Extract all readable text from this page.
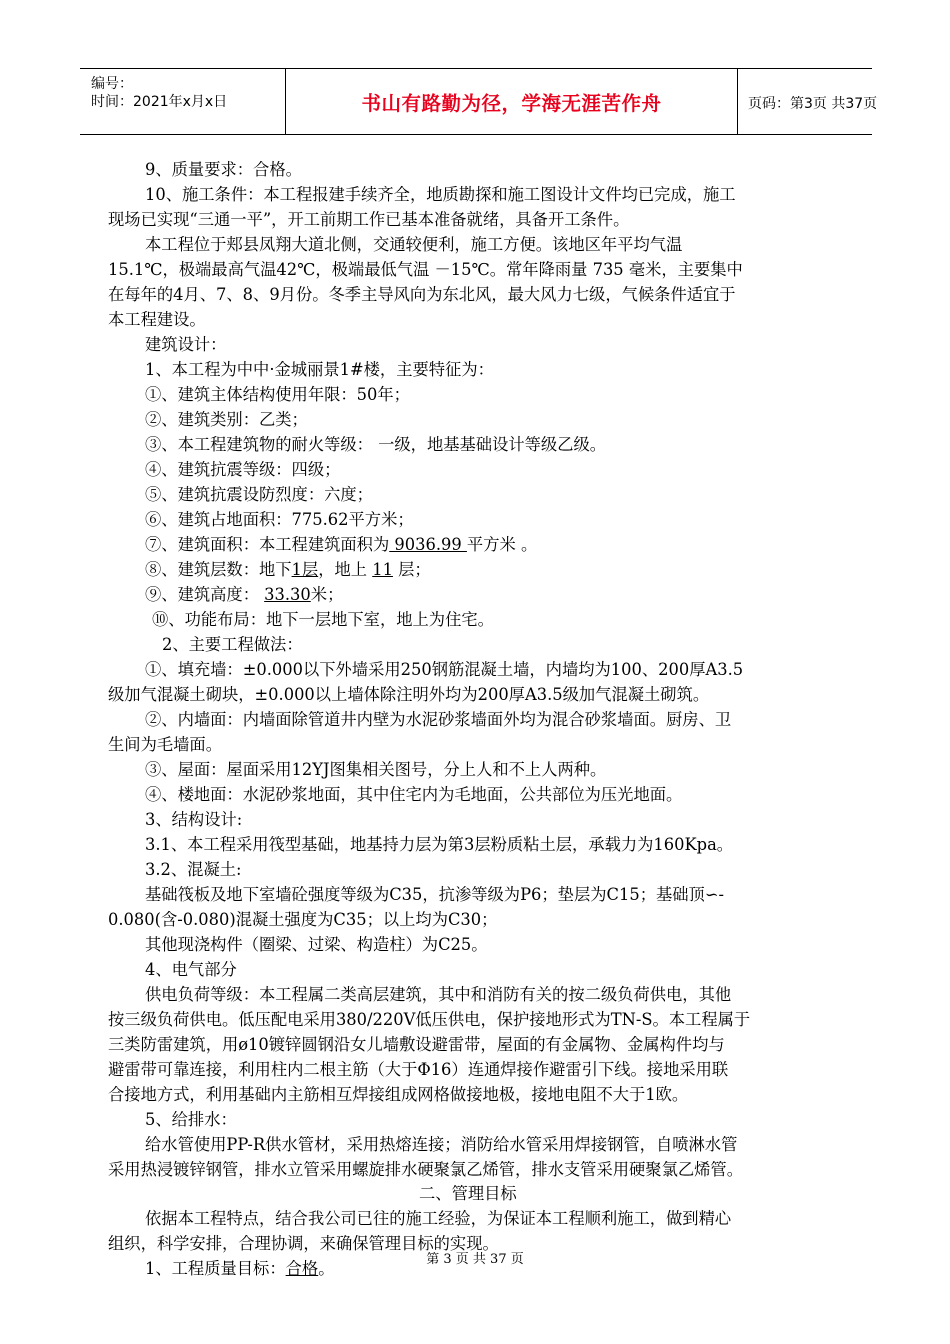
编号：
时间：2021年x月x日	书山有路勤为径，学海无涯苦作舟	页码：第3页 共37页
9、质量要求：合格。
10、施工条件：本工程报建手续齐全，地质勘探和施工图设计文件均已完成，施工
现场已实现“三通一平”，开工前期工作已基本准备就绪，具备开工条件。
本工程位于郏县凤翔大道北侧，交通较便利，施工方便。该地区年平均气温
15.1℃，极端最高气温42℃，极端最低气温 －15℃。常年降雨量 735 毫米，主要集中
在每年的4月、7、8、9月份。冬季主导风向为东北风，最大风力七级，气候条件适宜于
本工程建设。
建筑设计：
1、本工程为中中·金城丽景1#楼，主要特征为：
①、建筑主体结构使用年限：50年；
②、建筑类别：乙类；
③、本工程建筑物的耐火等级： 一级，地基基础设计等级乙级。
④、建筑抗震等级：四级；
⑤、建筑抗震设防烈度：六度；
⑥、建筑占地面积：775.62平方米；
⑦、建筑面积：本工程建筑面积为 9036.99 平方米 。
⑧、建筑层数：地下1层，地上 11 层；
⑨、建筑高度： 33.30米；
⑩、功能布局：地下一层地下室，地上为住宅。
2、主要工程做法：
①、填充墙：±0.000以下外墙采用250钢筋混凝土墙，内墙均为100、200厚A3.5
级加气混凝土砌块，±0.000以上墙体除注明外均为200厚A3.5级加气混凝土砌筑。
②、内墙面：内墙面除管道井内壁为水泥砂浆墙面外均为混合砂浆墙面。厨房、卫
生间为毛墙面。
③、屋面：屋面采用12YJ图集相关图号，分上人和不上人两种。
④、楼地面：水泥砂浆地面，其中住宅内为毛地面，公共部位为压光地面。
3、结构设计:
3.1、本工程采用筏型基础，地基持力层为第3层粉质粘土层，承载力为160Kpa。
3.2、混凝土:
基础筏板及地下室墙砼强度等级为C35，抗渗等级为P6；垫层为C15；基础顶∽-
0.080(含-0.080)混凝土强度为C35；以上均为C30；
其他现浇构件（圈梁、过梁、构造柱）为C25。
4、电气部分
供电负荷等级：本工程属二类高层建筑，其中和消防有关的按二级负荷供电，其他
按三级负荷供电。低压配电采用380/220V低压供电，保护接地形式为TN-S。本工程属于
三类防雷建筑，用ø10镀锌圆钢沿女儿墙敷设避雷带，屋面的有金属物、金属构件均与
避雷带可靠连接，利用柱内二根主筋（大于Φ16）连通焊接作避雷引下线。接地采用联
合接地方式，利用基础内主筋相互焊接组成网格做接地极，接地电阻不大于1欧。
5、给排水：
给水管使用PP-R供水管材，采用热熔连接；消防给水管采用焊接钢管，自喷淋水管
采用热浸镀锌钢管，排水立管采用螺旋排水硬聚氯乙烯管，排水支管采用硬聚氯乙烯管。
二、管理目标
依据本工程特点，结合我公司已往的施工经验，为保证本工程顺利施工，做到精心
组织，科学安排，合理协调，来确保管理目标的实现。
1、工程质量目标：合格。	第 3 页 共 37 页
